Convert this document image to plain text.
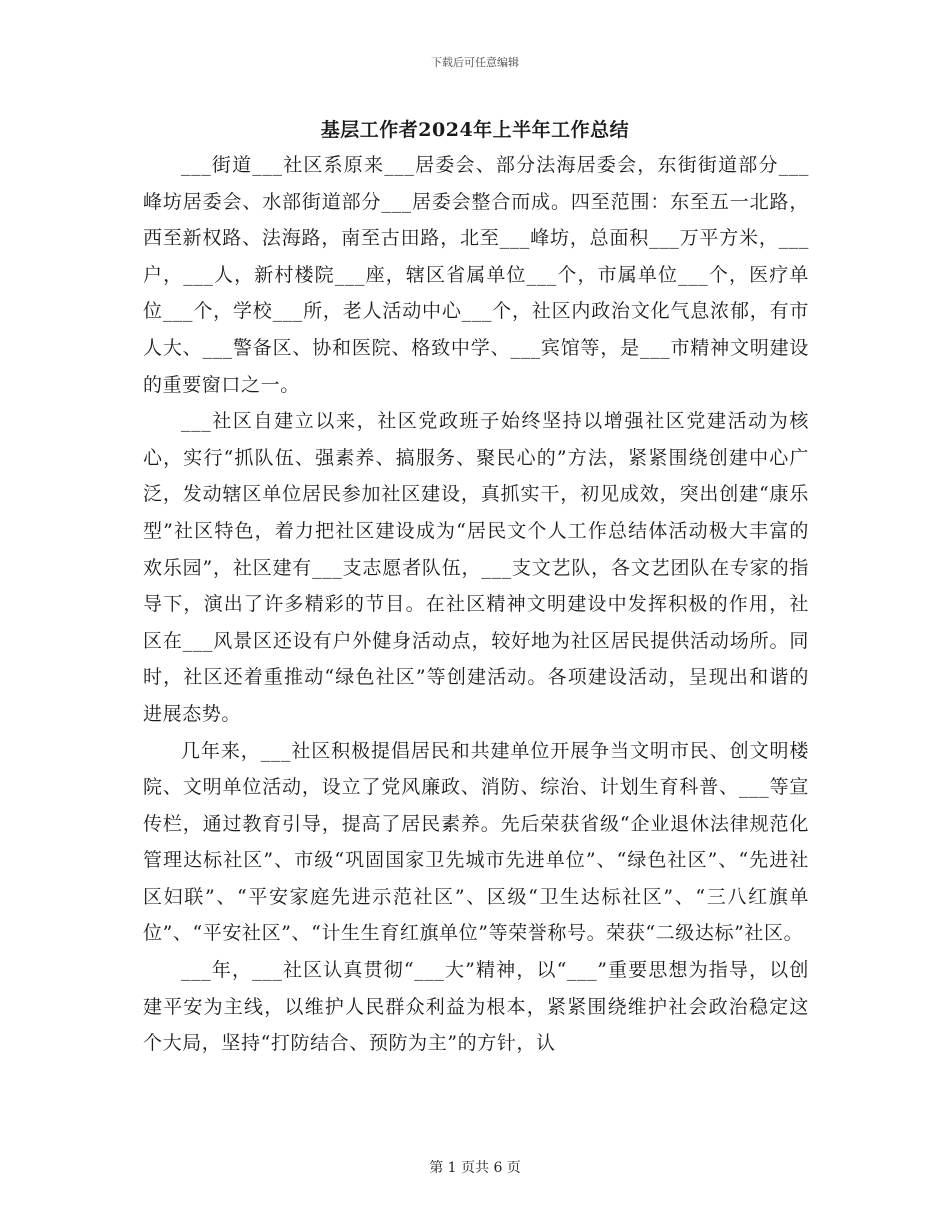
下载后可任意编辑
基层工作者2024年上半年工作总结

___街道___社区系原来___居委会、部分法海居委会，东街街道部分___峰坊居委会、水部街道部分___居委会整合而成。四至范围：东至五一北路，西至新权路、法海路，南至古田路，北至___峰坊，总面积___万平方米，___户，___人，新村楼院___座，辖区省属单位___个，市属单位___个，医疗单位___个，学校___所，老人活动中心___个，社区内政治文化气息浓郁，有市人大、___警备区、协和医院、格致中学、___宾馆等，是___市精神文明建设的重要窗口之一。

___社区自建立以来，社区党政班子始终坚持以增强社区党建活动为核心，实行“抓队伍、强素养、搞服务、聚民心的”方法，紧紧围绕创建中心广泛，发动辖区单位居民参加社区建设，真抓实干，初见成效，突出创建“康乐型”社区特色，着力把社区建设成为“居民文个人工作总结体活动极大丰富的欢乐园”，社区建有___支志愿者队伍，___支文艺队，各文艺团队在专家的指导下，演出了许多精彩的节目。在社区精神文明建设中发挥积极的作用，社区在___风景区还设有户外健身活动点，较好地为社区居民提供活动场所。同时，社区还着重推动“绿色社区”等创建活动。各项建设活动，呈现出和谐的进展态势。

几年来，___社区积极提倡居民和共建单位开展争当文明市民、创文明楼院、文明单位活动，设立了党风廉政、消防、综治、计划生育科普、___等宣传栏，通过教育引导，提高了居民素养。先后荣获省级“企业退休法律规范化管理达标社区”、市级“巩固国家卫先城市先进单位”、“绿色社区”、“先进社区妇联”、“平安家庭先进示范社区”、区级“卫生达标社区”、“三八红旗单位”、“平安社区”、“计生生育红旗单位”等荣誉称号。荣获“二级达标”社区。

___年，___社区认真贯彻“___大”精神，以“___”重要思想为指导，以创建平安为主线，以维护人民群众利益为根本，紧紧围绕维护社会政治稳定这个大局，坚持“打防结合、预防为主”的方针，认

第 1 页共 6 页
